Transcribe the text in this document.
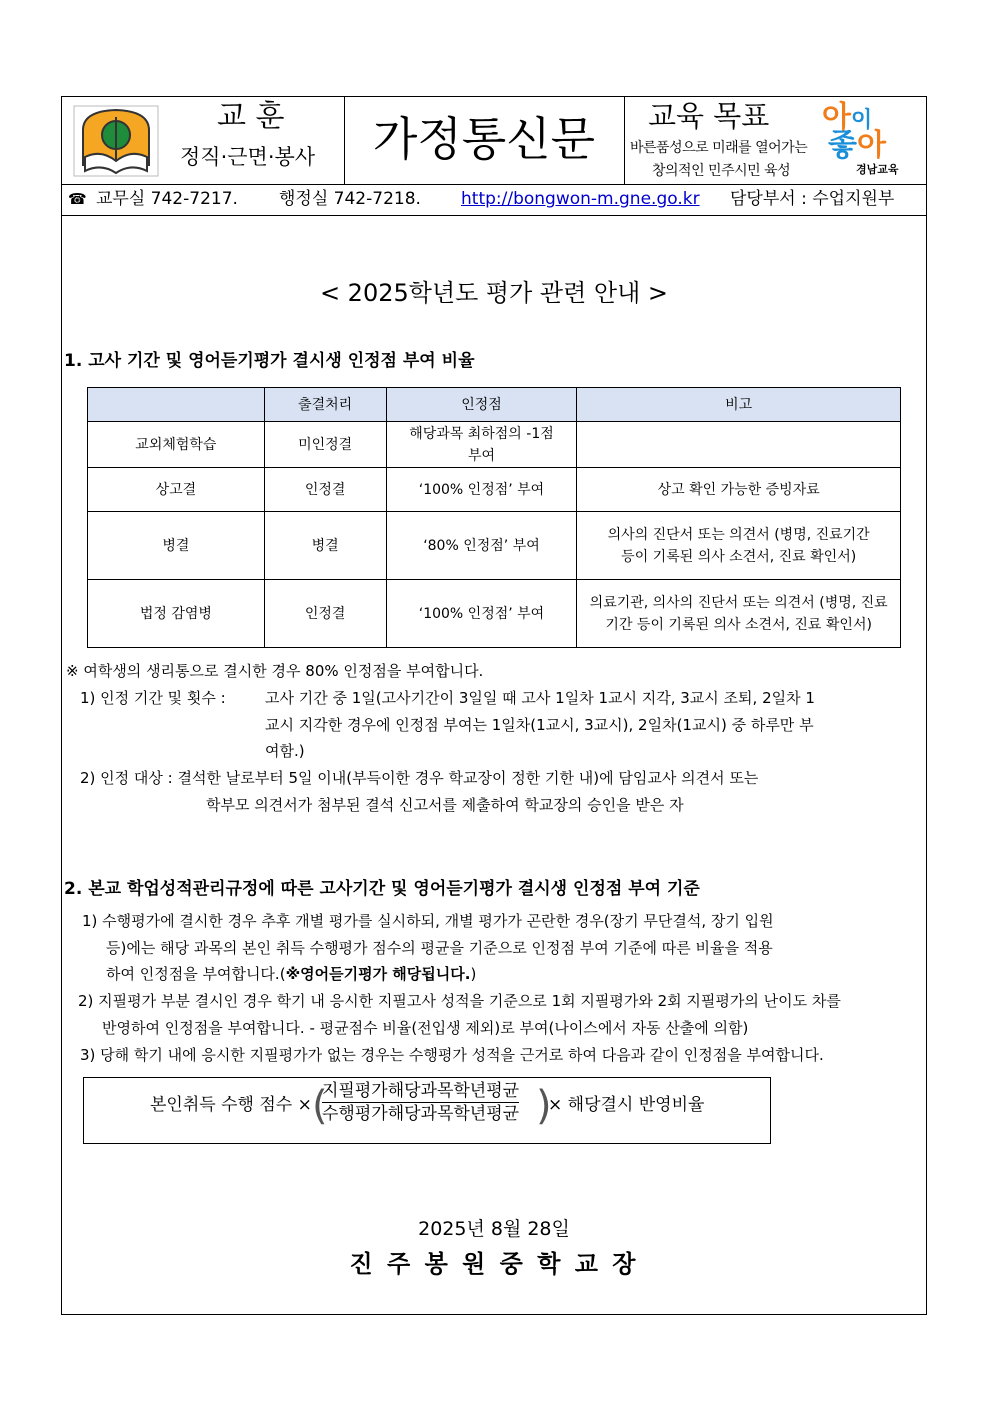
교 훈
정직·근면·봉사	가정통신문	교육 목표
바른품성으로 미래를 열어가는
창의적인 민주시민 육성
아이
좋아
경남교육
☎ 교무실 742-7217. 행정실 742-7218. http://bongwon-m.gne.go.kr 담당부서 : 수업지원부
< 2025학년도 평가 관련 안내 >
1. 고사 기간 및 영어듣기평가 결시생 인정점 부여 비율
	출결처리	인정점	비고
교외체험학습	미인정결	해당과목 최하점의 -1점 부여	
상고결	인정결	‘100% 인정점’ 부여	상고 확인 가능한 증빙자료
병결	병결	‘80% 인정점’ 부여	의사의 진단서 또는 의견서 (병명, 진료기간 등이 기록된 의사 소견서, 진료 확인서)
법정 감염병	인정결	‘100% 인정점’ 부여	의료기관, 의사의 진단서 또는 의견서 (병명, 진료기간 등이 기록된 의사 소견서, 진료 확인서)
※ 여학생의 생리통으로 결시한 경우 80% 인정점을 부여합니다.
1) 인정 기간 및 횟수 :	고사 기간 중 1일(고사기간이 3일일 때 고사 1일차 1교시 지각, 3교시 조퇴, 2일차 1
교시 지각한 경우에 인정점 부여는 1일차(1교시, 3교시), 2일차(1교시) 중 하루만 부
여함.)
2) 인정 대상 : 결석한 날로부터 5일 이내(부득이한 경우 학교장이 정한 기한 내)에 담임교사 의견서 또는
학부모 의견서가 첨부된 결석 신고서를 제출하여 학교장의 승인을 받은 자
2. 본교 학업성적관리규정에 따른 고사기간 및 영어듣기평가 결시생 인정점 부여 기준
1) 수행평가에 결시한 경우 추후 개별 평가를 실시하되, 개별 평가가 곤란한 경우(장기 무단결석, 장기 입원
등)에는 해당 과목의 본인 취득 수행평가 점수의 평균을 기준으로 인정점 부여 기준에 따른 비율을 적용
하여 인정점을 부여합니다.(※영어듣기평가 해당됩니다.)
2) 지필평가 부분 결시인 경우 학기 내 응시한 지필고사 성적을 기준으로 1회 지필평가와 2회 지필평가의 난이도 차를
반영하여 인정점을 부여합니다. - 평균점수 비율(전입생 제외)로 부여(나이스에서 자동 산출에 의함)
3) 당해 학기 내에 응시한 지필평가가 없는 경우는 수행평가 성적을 근거로 하여 다음과 같이 인정점을 부여합니다.
본인취득 수행 점수 × (
지필평가해당과목학년평균
수행평가해당과목학년평균 )
× 해당결시 반영비율
2025년 8월 28일
진 주 봉 원 중 학 교 장
